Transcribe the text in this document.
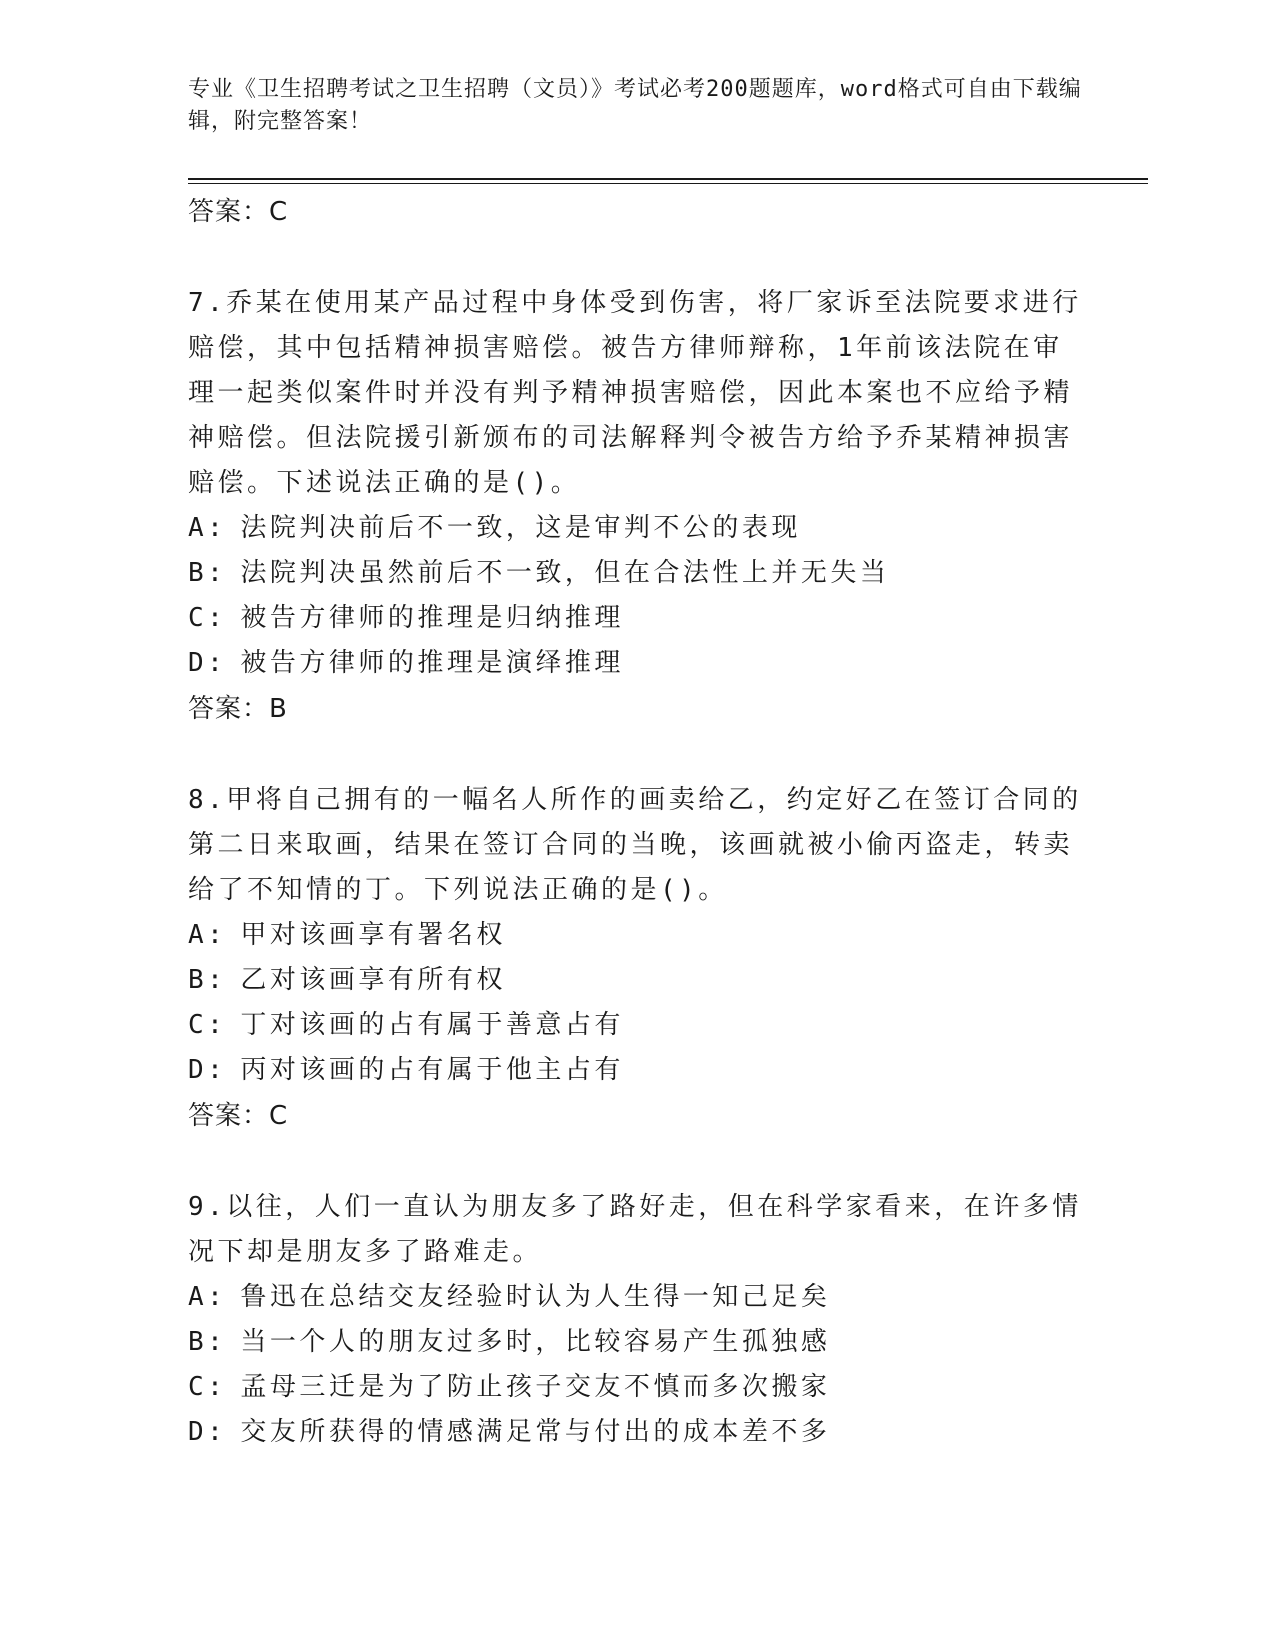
专业《卫生招聘考试之卫生招聘（文员）》考试必考200题题库，word格式可自由下载编辑，附完整答案！
答案：C

7.乔某在使用某产品过程中身体受到伤害，将厂家诉至法院要求进行赔偿，其中包括精神损害赔偿。被告方律师辩称，1年前该法院在审理一起类似案件时并没有判予精神损害赔偿，因此本案也不应给予精神赔偿。但法院援引新颁布的司法解释判令被告方给予乔某精神损害赔偿。下述说法正确的是()。

A: 法院判决前后不一致，这是审判不公的表现
B: 法院判决虽然前后不一致，但在合法性上并无失当
C: 被告方律师的推理是归纳推理
D: 被告方律师的推理是演绎推理
答案：B

8.甲将自己拥有的一幅名人所作的画卖给乙，约定好乙在签订合同的第二日来取画，结果在签订合同的当晚，该画就被小偷丙盗走，转卖给了不知情的丁。下列说法正确的是()。

A: 甲对该画享有署名权
B: 乙对该画享有所有权
C: 丁对该画的占有属于善意占有
D: 丙对该画的占有属于他主占有
答案：C

9.以往，人们一直认为朋友多了路好走，但在科学家看来，在许多情况下却是朋友多了路难走。

A: 鲁迅在总结交友经验时认为人生得一知己足矣
B: 当一个人的朋友过多时，比较容易产生孤独感
C: 孟母三迁是为了防止孩子交友不慎而多次搬家
D: 交友所获得的情感满足常与付出的成本差不多
